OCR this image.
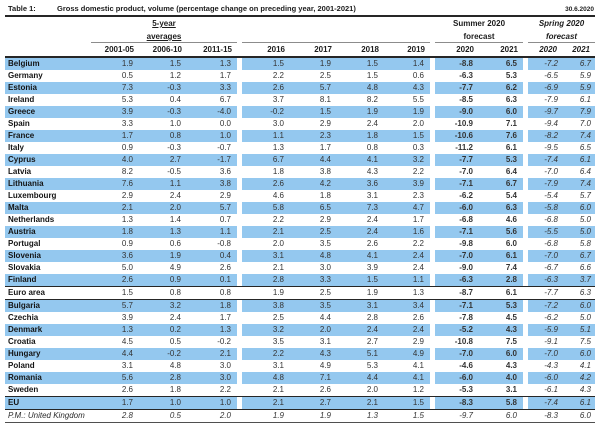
Table 1:	Gross domestic product, volume (percentage change on preceding year, 2001-2021)	30.6.2020
5-year	Summer 2020	Spring 2020
averages	forecast	forecast
2001-05	2006-10	2011-15	2016	2017	2018	2019	2020	2021	2020	2021
Belgium	1.9	1.5	1.3	1.5	1.9	1.5	1.4	-8.8	6.5	-7.2	6.7
Germany	0.5	1.2	1.7	2.2	2.5	1.5	0.6	-6.3	5.3	-6.5	5.9
Estonia	7.3	-0.3	3.3	2.6	5.7	4.8	4.3	-7.7	6.2	-6.9	5.9
Ireland	5.3	0.4	6.7	3.7	8.1	8.2	5.5	-8.5	6.3	-7.9	6.1
Greece	3.9	-0.3	-4.0	-0.2	1.5	1.9	1.9	-9.0	6.0	-9.7	7.9
Spain	3.3	1.0	0.0	3.0	2.9	2.4	2.0	-10.9	7.1	-9.4	7.0
France	1.7	0.8	1.0	1.1	2.3	1.8	1.5	-10.6	7.6	-8.2	7.4
Italy	0.9	-0.3	-0.7	1.3	1.7	0.8	0.3	-11.2	6.1	-9.5	6.5
Cyprus	4.0	2.7	-1.7	6.7	4.4	4.1	3.2	-7.7	5.3	-7.4	6.1
Latvia	8.2	-0.5	3.6	1.8	3.8	4.3	2.2	-7.0	6.4	-7.0	6.4
Lithuania	7.6	1.1	3.8	2.6	4.2	3.6	3.9	-7.1	6.7	-7.9	7.4
Luxembourg	2.9	2.4	2.9	4.6	1.8	3.1	2.3	-6.2	5.4	-5.4	5.7
Malta	2.1	2.0	5.7	5.8	6.5	7.3	4.7	-6.0	6.3	-5.8	6.0
Netherlands	1.3	1.4	0.7	2.2	2.9	2.4	1.7	-6.8	4.6	-6.8	5.0
Austria	1.8	1.3	1.1	2.1	2.5	2.4	1.6	-7.1	5.6	-5.5	5.0
Portugal	0.9	0.6	-0.8	2.0	3.5	2.6	2.2	-9.8	6.0	-6.8	5.8
Slovenia	3.6	1.9	0.4	3.1	4.8	4.1	2.4	-7.0	6.1	-7.0	6.7
Slovakia	5.0	4.9	2.6	2.1	3.0	3.9	2.4	-9.0	7.4	-6.7	6.6
Finland	2.6	0.9	0.1	2.8	3.3	1.5	1.1	-6.3	2.8	-6.3	3.7
Euro area	1.5	0.8	0.8	1.9	2.5	1.9	1.3	-8.7	6.1	-7.7	6.3
Bulgaria	5.7	3.2	1.8	3.8	3.5	3.1	3.4	-7.1	5.3	-7.2	6.0
Czechia	3.9	2.4	1.7	2.5	4.4	2.8	2.6	-7.8	4.5	-6.2	5.0
Denmark	1.3	0.2	1.3	3.2	2.0	2.4	2.4	-5.2	4.3	-5.9	5.1
Croatia	4.5	0.5	-0.2	3.5	3.1	2.7	2.9	-10.8	7.5	-9.1	7.5
Hungary	4.4	-0.2	2.1	2.2	4.3	5.1	4.9	-7.0	6.0	-7.0	6.0
Poland	3.1	4.8	3.0	3.1	4.9	5.3	4.1	-4.6	4.3	-4.3	4.1
Romania	5.6	2.8	3.0	4.8	7.1	4.4	4.1	-6.0	4.0	-6.0	4.2
Sweden	2.6	1.8	2.2	2.1	2.6	2.0	1.2	-5.3	3.1	-6.1	4.3
EU	1.7	1.0	1.0	2.1	2.7	2.1	1.5	-8.3	5.8	-7.4	6.1
P.M.: United Kingdom	2.8	0.5	2.0	1.9	1.9	1.3	1.5	-9.7	6.0	-8.3	6.0
